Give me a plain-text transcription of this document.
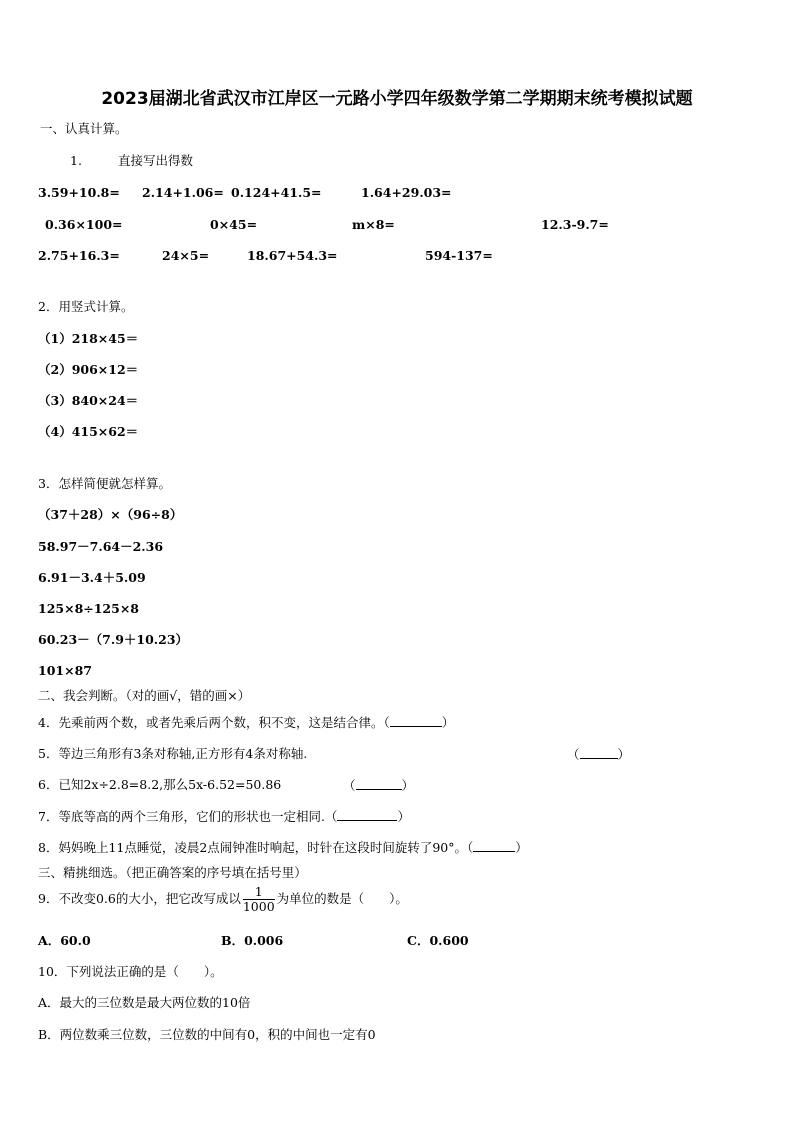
2023届湖北省武汉市江岸区一元路小学四年级数学第二学期期末统考模拟试题
一、认真计算。
1.	直接写出得数
3.59+10.8= 2.14+1.06= 0.124+41.5=	1.64+29.03=
0.36×100=	0×45=	m×8=	12.3-9.7=
2.75+16.3=	24×5=	18.67+54.3=	594-137=
2．用竖式计算。
（1）218×45＝
（2）906×12＝
（3）840×24＝
（4）415×62＝
3．怎样简便就怎样算。
（37＋28）×（96÷8）
58.97－7.64－2.36
6.91－3.4＋5.09
125×8÷125×8
60.23－（7.9＋10.23）
101×87
二、我会判断。（对的画√，错的画×）
4．先乘前两个数，或者先乘后两个数，积不变，这是结合律。（	）
5．等边三角形有3条对称轴,正方形有4条对称轴.	（	）
6．已知2x÷2.8=8.2,那么5x-6.52=50.86	（	）
7．等底等高的两个三角形，它们的形状也一定相同.（	）
8．妈妈晚上11点睡觉，凌晨2点闹钟准时响起，时针在这段时间旋转了90°。（	）
三、精挑细选。（把正确答案的序号填在括号里）
9．不改变0.6的大小，把它改写成以 $\frac{1}{1000}$ 为单位的数是（　　）。
A．60.0	B．0.006	C．0.600
10．下列说法正确的是（　　）。
A．最大的三位数是最大两位数的10倍
B．两位数乘三位数，三位数的中间有0，积的中间也一定有0
